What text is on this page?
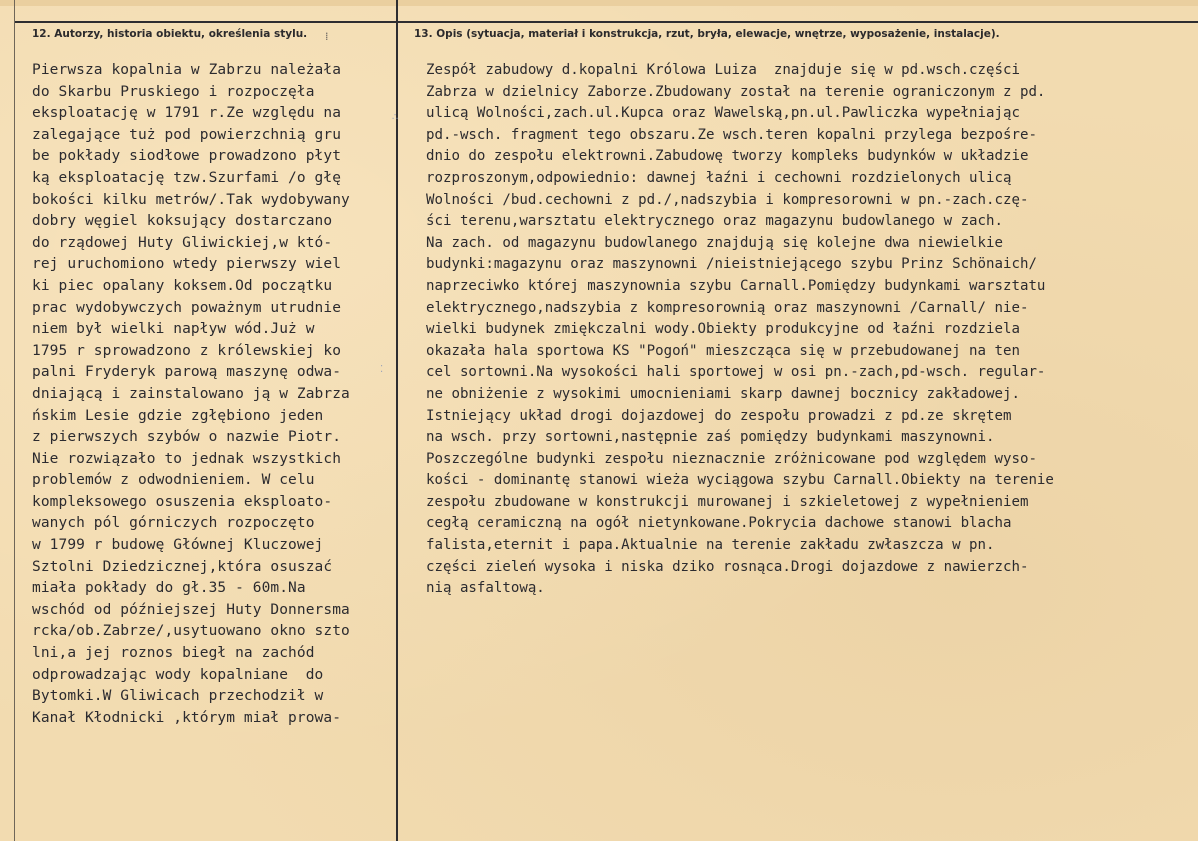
12. Autorzy, historia obiektu, określenia stylu. ⁞	13. Opis (sytuacja, materiał i konstrukcja, rzut, bryła, elewacje, wnętrze, wyposażenie, instalacje).
Pierwsza kopalnia w Zabrzu należała
do Skarbu Pruskiego i rozpoczęła
eksploatację w 1791 r.Ze względu na
zalegające tuż pod powierzchnią gru
be pokłady siodłowe prowadzono płyt
ką eksploatację tzw.Szurfami /o głę
bokości kilku metrów/.Tak wydobywany
dobry węgiel koksujący dostarczano
do rządowej Huty Gliwickiej,w któ-
rej uruchomiono wtedy pierwszy wiel
ki piec opalany koksem.Od początku
prac wydobywczych poważnym utrudnie
niem był wielki napływ wód.Już w
1795 r sprowadzono z królewskiej ko
palni Fryderyk parową maszynę odwa-
dniającą i zainstalowano ją w Zabrza
ńskim Lesie gdzie zgłębiono jeden
z pierwszych szybów o nazwie Piotr.
Nie rozwiązało to jednak wszystkich
problemów z odwodnieniem. W celu
kompleksowego osuszenia eksploato-
wanych pól górniczych rozpoczęto
w 1799 r budowę Głównej Kluczowej
Sztolni Dziedzicznej,która osuszać
miała pokłady do gł.35 - 60m.Na
wschód od późniejszej Huty Donnersma
rcka/ob.Zabrze/,usytuowano okno szto
lni,a jej roznos biegł na zachód
odprowadzając wody kopalniane  do
Bytomki.W Gliwicach przechodził w
Kanał Kłodnicki ,którym miał prowa-
Zespół zabudowy d.kopalni Królowa Luiza  znajduje się w pd.wsch.części
Zabrza w dzielnicy Zaborze.Zbudowany został na terenie ograniczonym z pd.
ulicą Wolności,zach.ul.Kupca oraz Wawelską,pn.ul.Pawliczka wypełniając
pd.-wsch. fragment tego obszaru.Ze wsch.teren kopalni przylega bezpośre-
dnio do zespołu elektrowni.Zabudowę tworzy kompleks budynków w układzie
rozproszonym,odpowiednio: dawnej łaźni i cechowni rozdzielonych ulicą
Wolności /bud.cechowni z pd./,nadszybia i kompresorowni w pn.-zach.czę-
ści terenu,warsztatu elektrycznego oraz magazynu budowlanego w zach.
Na zach. od magazynu budowlanego znajdują się kolejne dwa niewielkie
budynki:magazynu oraz maszynowni /nieistniejącego szybu Prinz Schönaich/
naprzeciwko której maszynownia szybu Carnall.Pomiędzy budynkami warsztatu
elektrycznego,nadszybia z kompresorownią oraz maszynowni /Carnall/ nie-
wielki budynek zmiękczalni wody.Obiekty produkcyjne od łaźni rozdziela
okazała hala sportowa KS "Pogoń" mieszcząca się w przebudowanej na ten
cel sortowni.Na wysokości hali sportowej w osi pn.-zach,pd-wsch. regular-
ne obniżenie z wysokimi umocnieniami skarp dawnej bocznicy zakładowej.
Istniejący układ drogi dojazdowej do zespołu prowadzi z pd.ze skrętem
na wsch. przy sortowni,następnie zaś pomiędzy budynkami maszynowni.
Poszczególne budynki zespołu nieznacznie zróżnicowane pod względem wyso-
kości - dominantę stanowi wieża wyciągowa szybu Carnall.Obiekty na terenie
zespołu zbudowane w konstrukcji murowanej i szkieletowej z wypełnieniem
cegłą ceramiczną na ogół nietynkowane.Pokrycia dachowe stanowi blacha
falista,eternit i papa.Aktualnie na terenie zakładu zwłaszcza w pn.
części zieleń wysoka i niska dziko rosnąca.Drogi dojazdowe z nawierzch-
nią asfaltową.
∴
⁚
